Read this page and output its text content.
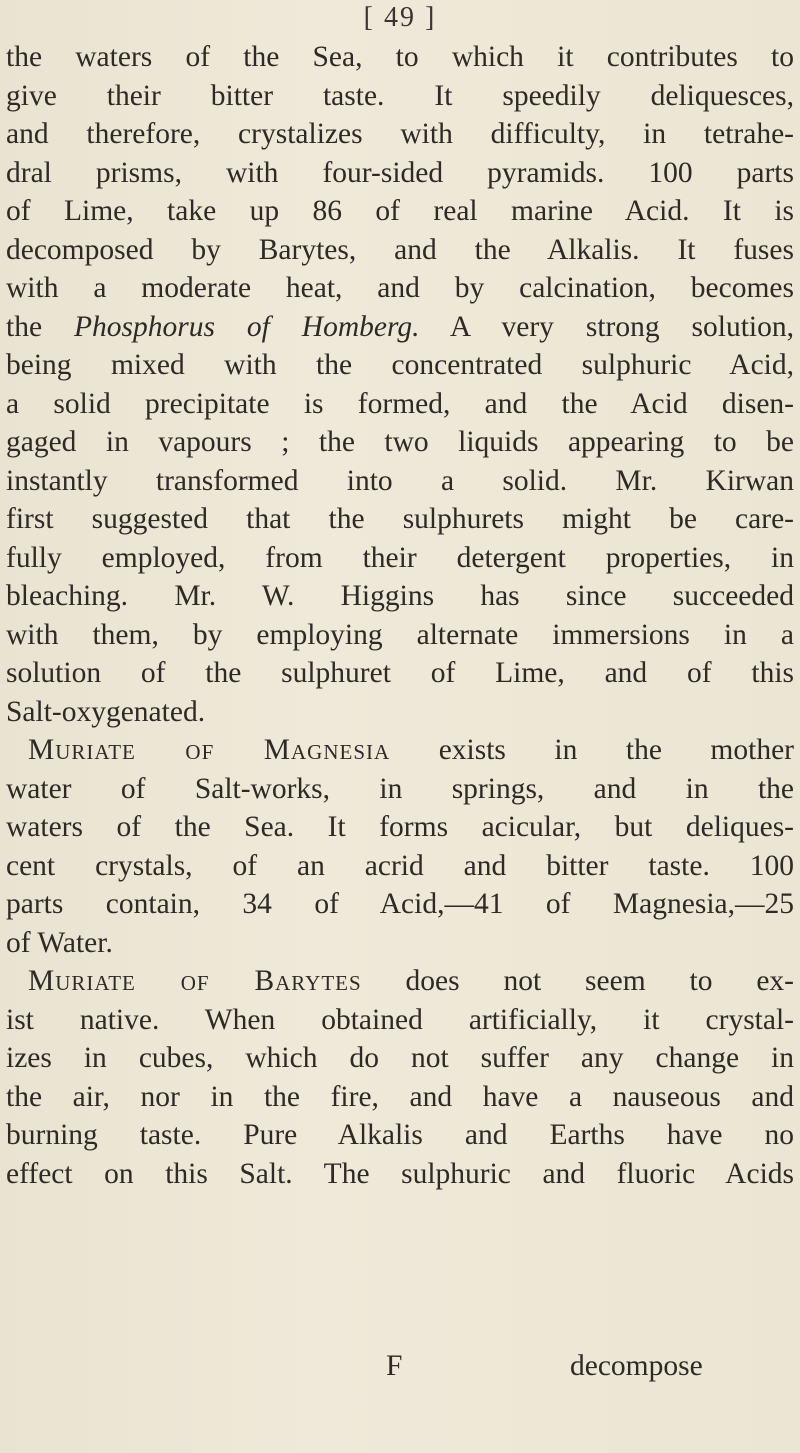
[ 49 ]
the waters of the Sea, to which it contributes to
give their bitter taste. It speedily deliquesces,
and therefore, crystalizes with difficulty, in tetrahe-
dral prisms, with four-sided pyramids. 100 parts
of Lime, take up 86 of real marine Acid. It is
decomposed by Barytes, and the Alkalis. It fuses
with a moderate heat, and by calcination, becomes
the Phosphorus of Homberg. A very strong solution,
being mixed with the concentrated sulphuric Acid,
a solid precipitate is formed, and the Acid disen-
gaged in vapours ; the two liquids appearing to be
instantly transformed into a solid. Mr. Kirwan
first suggested that the sulphurets might be care-
fully employed, from their detergent properties, in
bleaching. Mr. W. Higgins has since succeeded
with them, by employing alternate immersions in a
solution of the sulphuret of Lime, and of this
Salt-oxygenated.
Muriate of Magnesia exists in the mother
water of Salt-works, in springs, and in the
waters of the Sea. It forms acicular, but deliques-
cent crystals, of an acrid and bitter taste. 100
parts contain, 34 of Acid,—41 of Magnesia,—25
of Water.
Muriate of Barytes does not seem to ex-
ist native. When obtained artificially, it crystal-
izes in cubes, which do not suffer any change in
the air, nor in the fire, and have a nauseous and
burning taste. Pure Alkalis and Earths have no
effect on this Salt. The sulphuric and fluoric Acids
F	decompose
